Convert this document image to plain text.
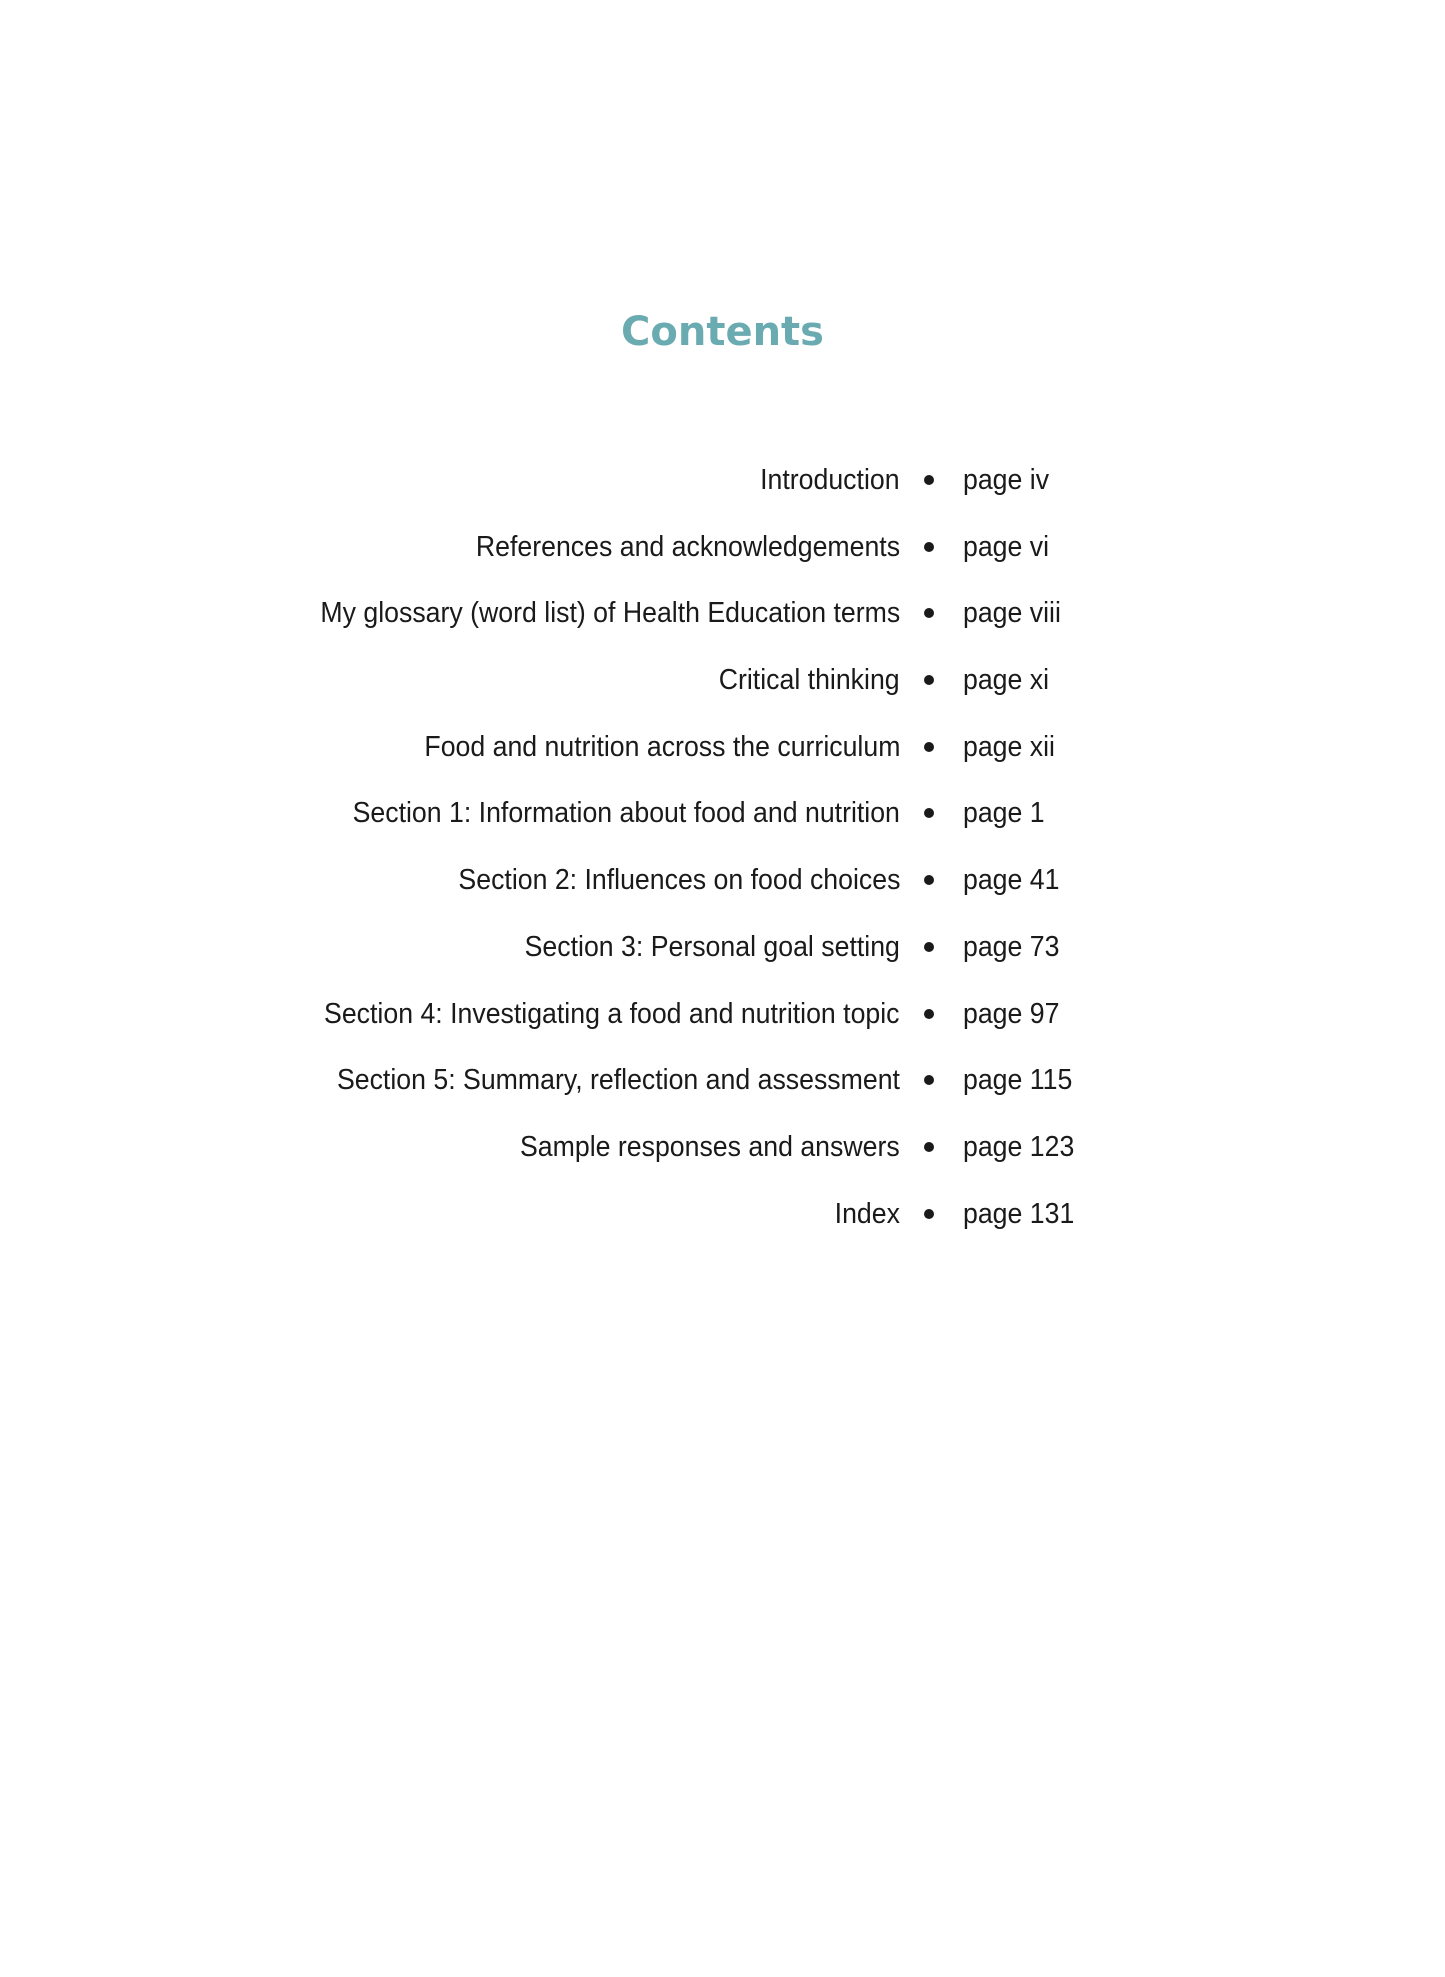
Contents
Introduction page iv
References and acknowledgements page vi
My glossary (word list) of Health Education terms page viii
Critical thinking page xi
Food and nutrition across the curriculum page xii
Section 1: Information about food and nutrition page 1
Section 2: Influences on food choices page 41
Section 3: Personal goal setting page 73
Section 4: Investigating a food and nutrition topic page 97
Section 5: Summary, reflection and assessment page 115
Sample responses and answers page 123
Index page 131
